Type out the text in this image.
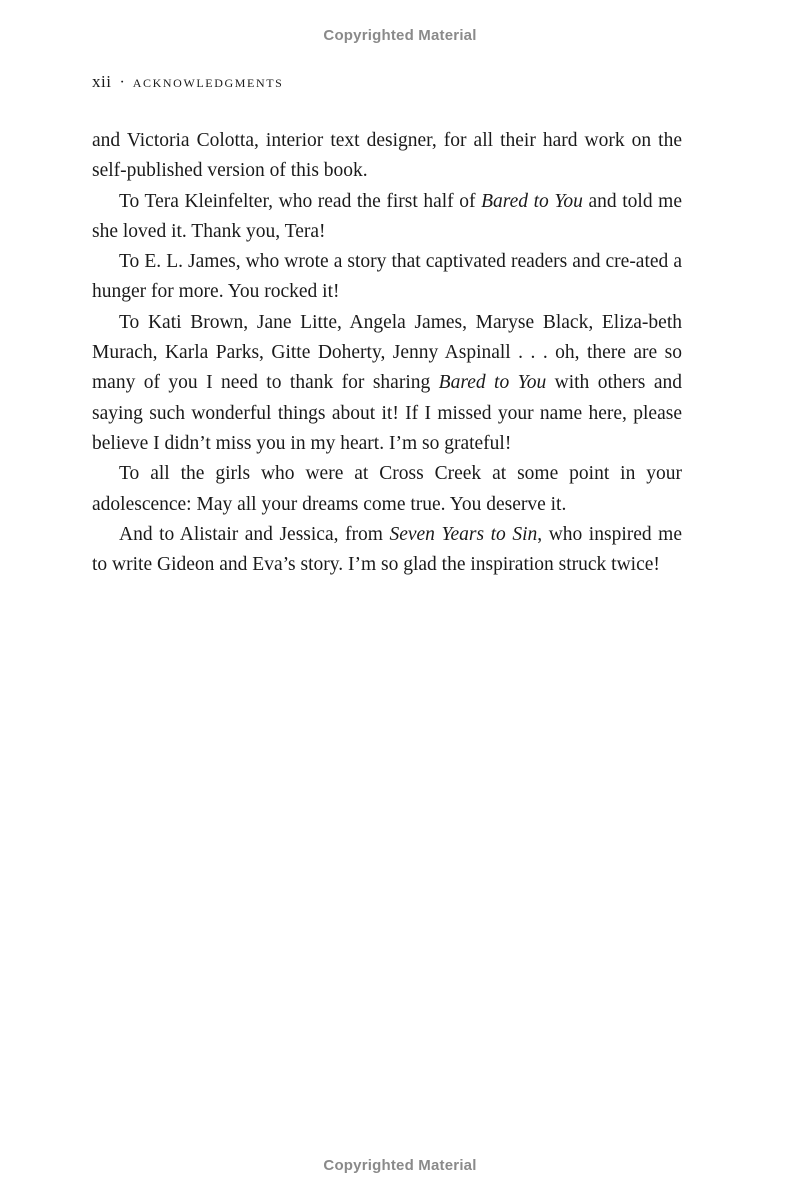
Copyrighted Material
xii · acknowledgments

and Victoria Colotta, interior text designer, for all their hard work on the self-published version of this book.

To Tera Kleinfelter, who read the first half of Bared to You and told me she loved it. Thank you, Tera!

To E. L. James, who wrote a story that captivated readers and cre-ated a hunger for more. You rocked it!

To Kati Brown, Jane Litte, Angela James, Maryse Black, Eliza-beth Murach, Karla Parks, Gitte Doherty, Jenny Aspinall . . . oh, there are so many of you I need to thank for sharing Bared to You with others and saying such wonderful things about it! If I missed your name here, please believe I didn’t miss you in my heart. I’m so grateful!

To all the girls who were at Cross Creek at some point in your adolescence: May all your dreams come true. You deserve it.

And to Alistair and Jessica, from Seven Years to Sin, who inspired me to write Gideon and Eva’s story. I’m so glad the inspiration struck twice!

Copyrighted Material
